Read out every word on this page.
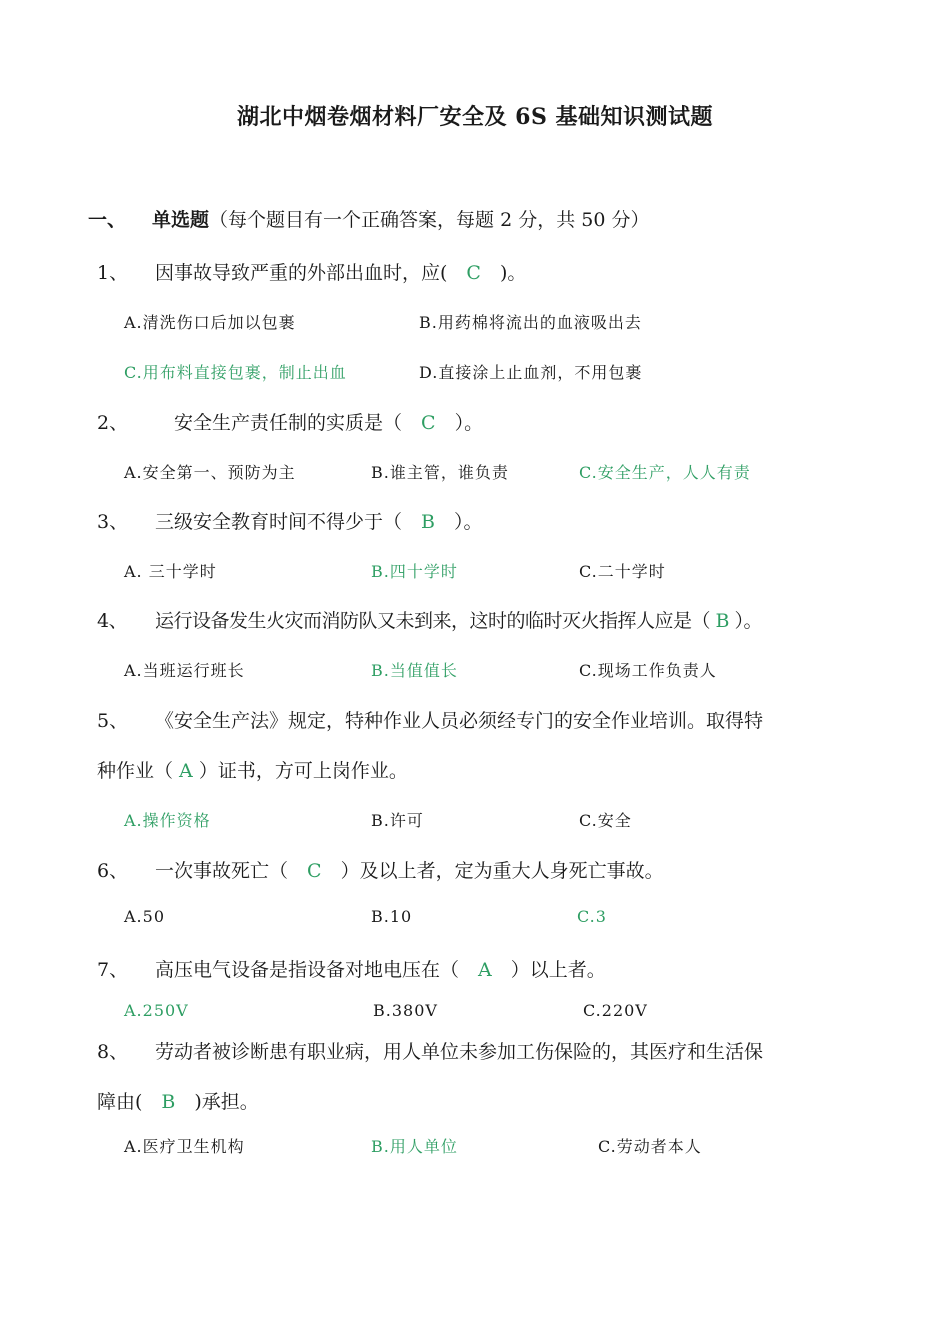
湖北中烟卷烟材料厂安全及 6S 基础知识测试题
一、 单选题（每个题目有一个正确答案，每题 2 分，共 50 分）
1、 因事故导致严重的外部出血时，应(　C　)。
A.清洗伤口后加以包裹	B.用药棉将流出的血液吸出去
C.用布料直接包裹，制止出血	D.直接涂上止血剂，不用包裹
2、　安全生产责任制的实质是（　C　）。
A.安全第一、预防为主	B.谁主管，谁负责	C.安全生产，人人有责
3、 三级安全教育时间不得少于（　B　）。
A. 三十学时	B.四十学时	C.二十学时
4、 运行设备发生火灾而消防队又未到来，这时的临时灭火指挥人应是（ B ）。
A.当班运行班长	B.当值值长	C.现场工作负责人
5、 《安全生产法》规定，特种作业人员必须经专门的安全作业培训。取得特
种作业（ A ）证书，方可上岗作业。
A.操作资格	B.许可	C.安全
6、 一次事故死亡（　C　）及以上者，定为重大人身死亡事故。
A.50	B.10	C.3
7、 高压电气设备是指设备对地电压在（　A　）以上者。
A.250V	B.380V	C.220V
8、 劳动者被诊断患有职业病，用人单位未参加工伤保险的，其医疗和生活保
障由(　B　)承担。
A.医疗卫生机构	B.用人单位	C.劳动者本人
